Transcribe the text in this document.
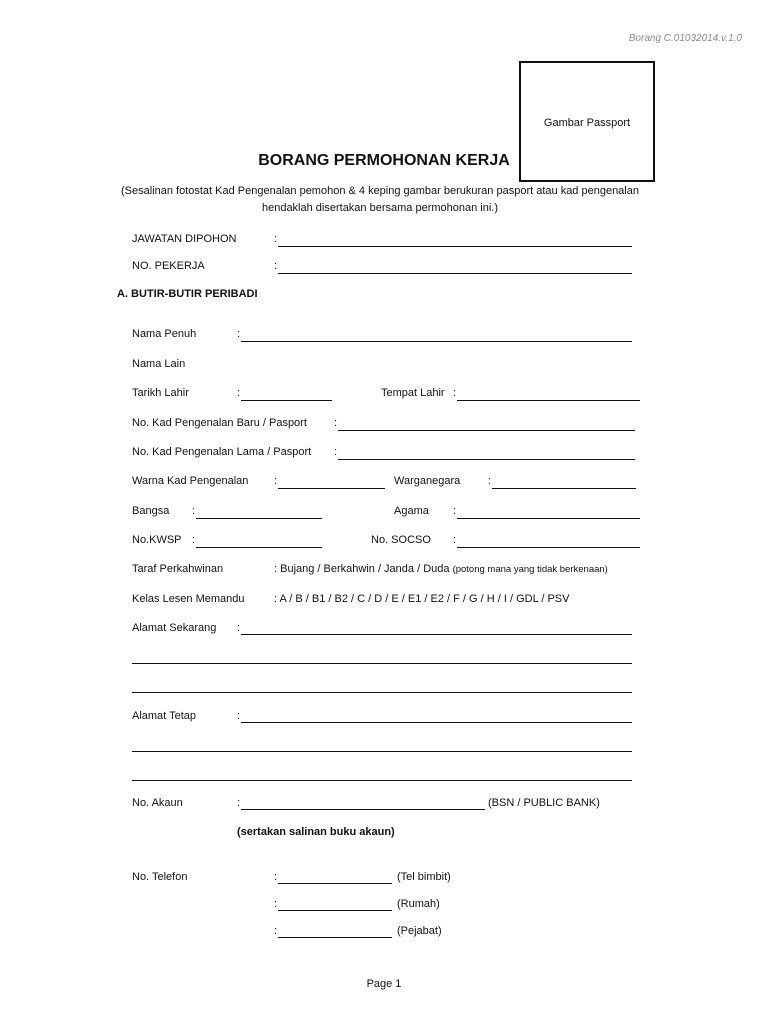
Borang C.01032014.v.1.0
Gambar Passport
BORANG PERMOHONAN KERJA
(Sesalinan fotostat Kad Pengenalan pemohon & 4 keping gambar berukuran pasport atau kad pengenalan hendaklah disertakan bersama permohonan ini.)
JAWATAN DIPOHON	:
NO. PEKERJA	:
A. BUTIR-BUTIR PERIBADI
Nama Penuh	:
Nama Lain
Tarikh Lahir	:	Tempat Lahir :
No. Kad Pengenalan Baru / Pasport :
No. Kad Pengenalan Lama / Pasport :
Warna Kad Pengenalan :	Warganegara	:
Bangsa :	Agama :
No.KWSP :	No. SOCSO :
Taraf Perkahwinan	: Bujang / Berkahwin / Janda / Duda (potong mana yang tidak berkenaan)
Kelas Lesen Memandu	: A / B / B1 / B2 / C / D / E / E1 / E2 / F / G / H / I / GDL / PSV
Alamat Sekarang :
Alamat Tetap	:
No. Akaun	:	(BSN / PUBLIC BANK)
(sertakan salinan buku akaun)
No. Telefon	:	(Tel bimbit)
:	(Rumah)
:	(Pejabat)
Page 1
